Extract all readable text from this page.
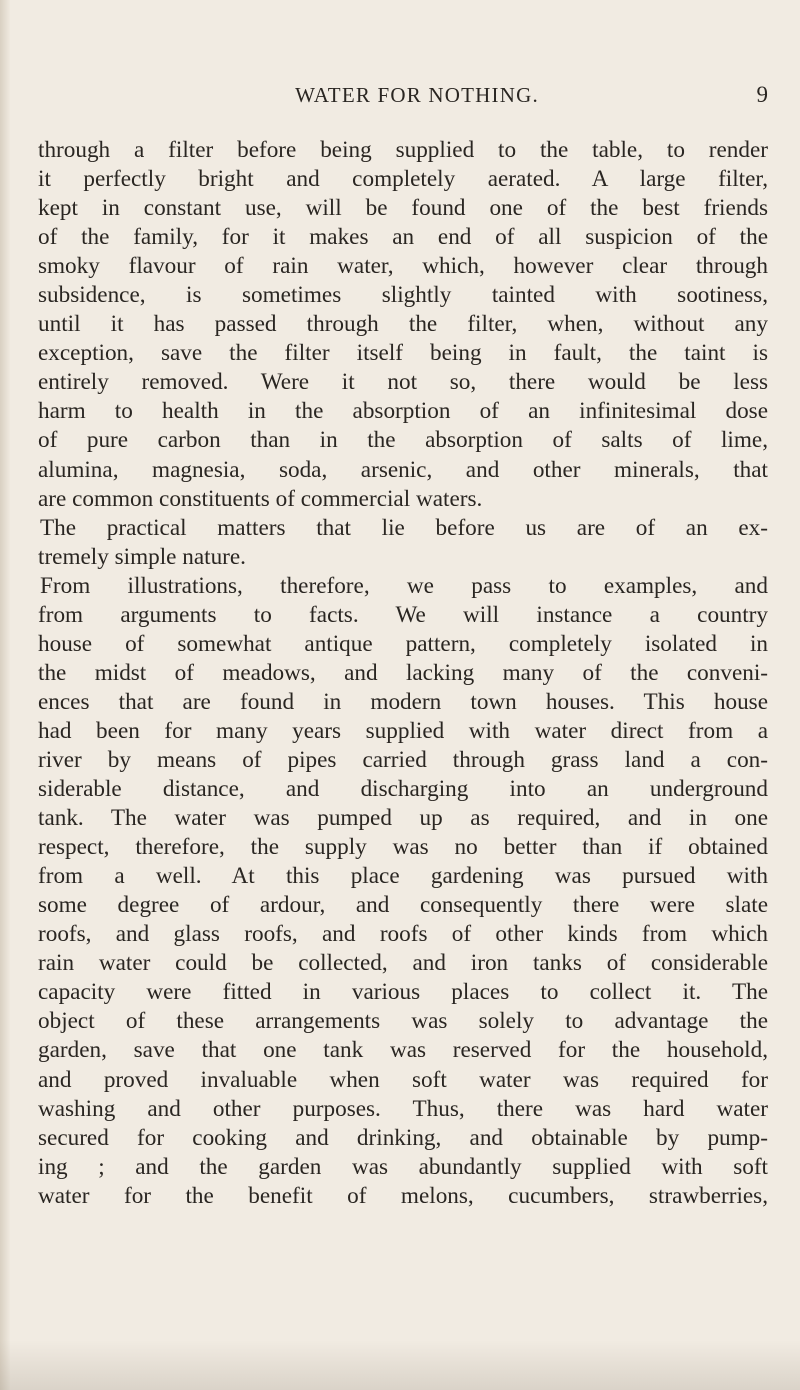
WATER FOR NOTHING.	9
through a filter before being supplied to the table, to render
it perfectly bright and completely aerated. A large filter,
kept in constant use, will be found one of the best friends
of the family, for it makes an end of all suspicion of the
smoky flavour of rain water, which, however clear through
subsidence, is sometimes slightly tainted with sootiness,
until it has passed through the filter, when, without any
exception, save the filter itself being in fault, the taint is
entirely removed. Were it not so, there would be less
harm to health in the absorption of an infinitesimal dose
of pure carbon than in the absorption of salts of lime,
alumina, magnesia, soda, arsenic, and other minerals, that
are common constituents of commercial waters.
The practical matters that lie before us are of an ex-
tremely simple nature.
From illustrations, therefore, we pass to examples, and
from arguments to facts. We will instance a country
house of somewhat antique pattern, completely isolated in
the midst of meadows, and lacking many of the conveni-
ences that are found in modern town houses. This house
had been for many years supplied with water direct from a
river by means of pipes carried through grass land a con-
siderable distance, and discharging into an underground
tank. The water was pumped up as required, and in one
respect, therefore, the supply was no better than if obtained
from a well. At this place gardening was pursued with
some degree of ardour, and consequently there were slate
roofs, and glass roofs, and roofs of other kinds from which
rain water could be collected, and iron tanks of considerable
capacity were fitted in various places to collect it. The
object of these arrangements was solely to advantage the
garden, save that one tank was reserved for the household,
and proved invaluable when soft water was required for
washing and other purposes. Thus, there was hard water
secured for cooking and drinking, and obtainable by pump-
ing ; and the garden was abundantly supplied with soft
water for the benefit of melons, cucumbers, strawberries,
